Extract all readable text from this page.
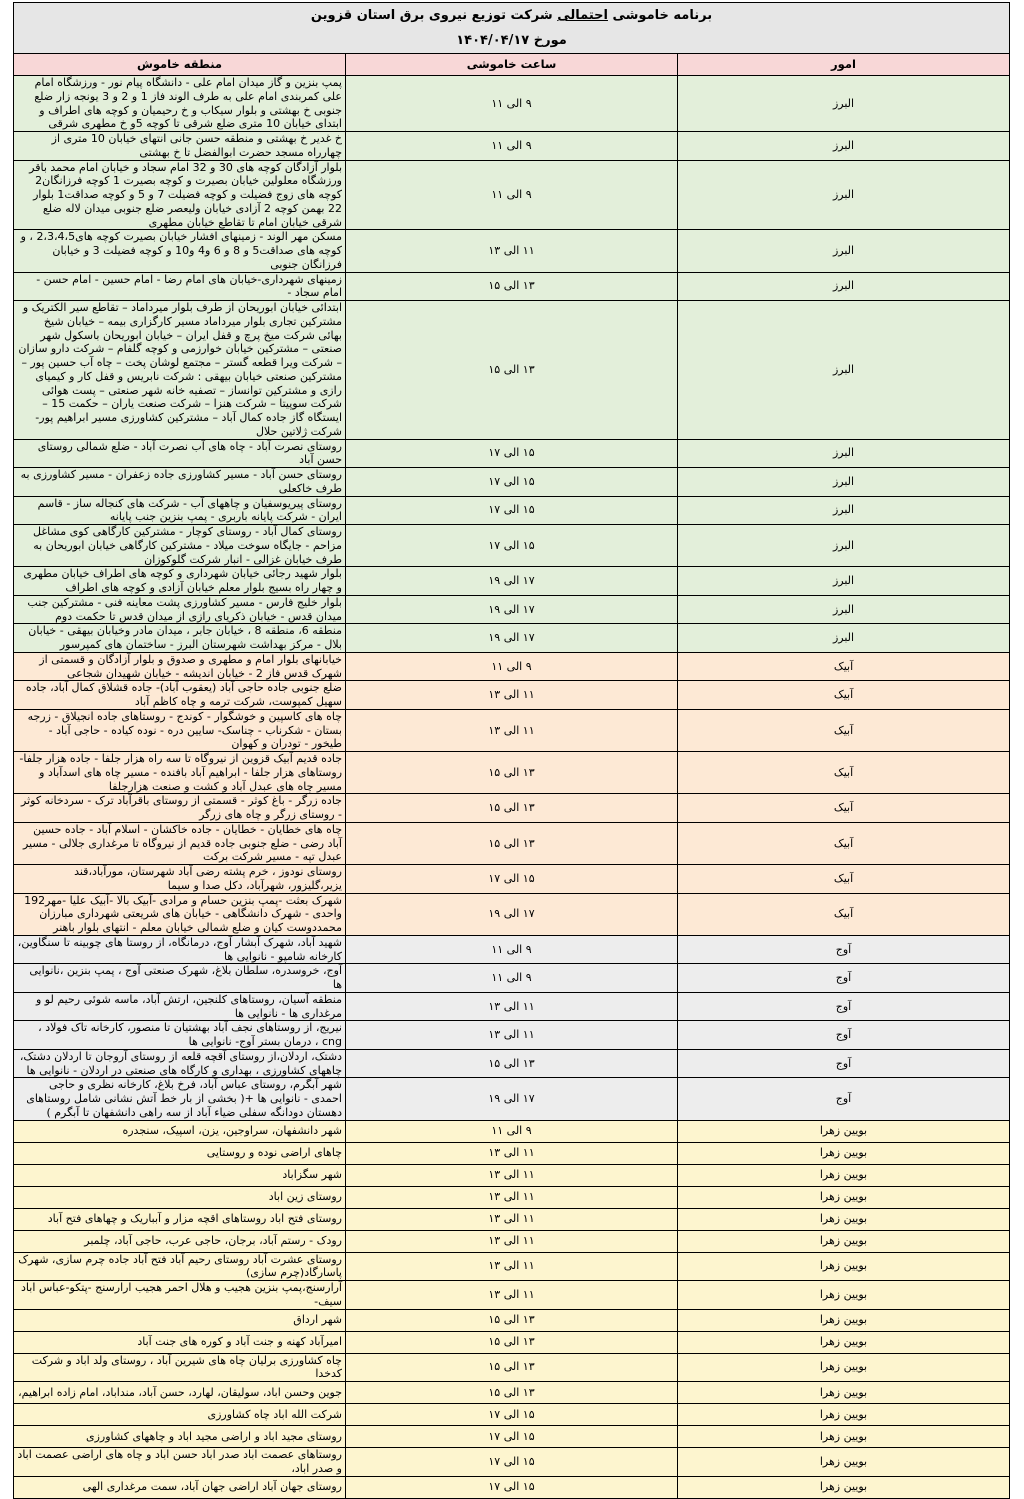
برنامه خاموشی احتمالی شرکت توزیع نیروی برق استان قزوین
مورخ ۱۴۰۴/۰۴/۱۷
امور	ساعت خاموشی	منطقه خاموش
البرز	۹ الی ۱۱	پمپ بنزین و گاز میدان امام علی - دانشگاه پیام نور - ورزشگاه امام علی کمربندی امام علی به طرف الوند فاز 1 و 2 و 3 یونجه زار ضلع جنوبی خ بهشتی و بلوار سیکاب و خ رحیمیان و کوچه های اطراف و ابتدای خیابان 10 متری ضلع شرقی تا کوچه 5و خ مطهری شرقی
البرز	۹ الی ۱۱	خ غدیر خ بهشتی و منطقه حسن جانی انتهای خیابان 10 متری از چهارراه مسجد حضرت ابوالفضل تا خ بهشتی
البرز	۹ الی ۱۱	بلوار آزادگان کوچه های 30 و 32 امام سجاد و خیابان امام محمد باقر ورزشگاه معلولین خیابان بصیرت و کوچه بصیرت 1 کوچه فرزانگان2 کوچه های زوج فضیلت و کوچه فضیلت 7 و 5 و کوچه صداقت1 بلوار 22 بهمن کوچه 2 آزادی خیابان ولیعصر ضلع جنوبی میدان لاله ضلع شرقی خیابان امام تا تقاطع خیابان مطهری
البرز	۱۱ الی ۱۳	مسکن مهر الوند - زمینهای افشار خیابان بصیرت کوچه های2،3،4،5 ، و کوچه های صداقت5 و 8 و 6 و4 و10 و کوچه فضیلت 3 و خیابان فرزانگان جنوبی
البرز	۱۳ الی ۱۵	زمینهای شهرداری-خیابان های امام رضا - امام حسین - امام حسن - امام سجاد -
البرز	۱۳ الی ۱۵	ابتدائی خیابان ابوریحان از طرف بلوار میرداماد – تقاطع سیر الکتریک و مشترکین تجاری بلوار میرداماد مسیر کارگزاری بیمه – خیابان شیخ بهائی شرکت میخ پرچ و قفل ایران – خیابان ابوریحان باسکول شهر صنعتی – مشترکین خیابان خوارزمی و کوچه گلفام – شرکت دارو سازان – شرکت ویرا قطعه گستر – مجتمع لوشان پخت – چاه آب حسین پور – مشترکین صنعتی خیابان بیهقی : شرکت نابریس و قفل کار و کیمیای رازی و مشترکین توانساز – تصفیه خانه شهر صنعتی – پست هوائی شرکت سوپیتا – شرکت هنزا – شرکت صنعت یاران – حکمت 15 – ایستگاه گاز جاده کمال آباد – مشترکین کشاورزی مسیر ابراهیم پور- شرکت ژلاتین حلال
البرز	۱۵ الی ۱۷	روستای نصرت آباد - چاه های آب نصرت آباد - ضلع شمالی روستای حسن آباد
البرز	۱۵ الی ۱۷	روستای حسن آباد - مسیر کشاورزی جاده زعفران - مسیر کشاورزی به طرف خاکعلی
البرز	۱۵ الی ۱۷	روستای پیریوسفیان و چاههای آب - شرکت های کنجاله ساز - قاسم ایران - شرکت پایانه باربری - پمپ بنزین جنب پایانه
البرز	۱۵ الی ۱۷	روستای کمال آباد - روستای کوچار - مشترکین کارگاهی کوی مشاغل مزاحم - جایگاه سوخت میلاد - مشترکین کارگاهی خیابان ابوریحان به طرف خیابان غزالی - انبار شرکت گلوکوزان
البرز	۱۷ الی ۱۹	بلوار شهید رجائی خیابان شهرداری و کوچه های اطراف خیابان مطهری و چهار راه بسیج بلوار معلم خیابان آزادی و کوچه های اطراف
البرز	۱۷ الی ۱۹	بلوار خلیج فارس - مسیر کشاورزی پشت معاینه فنی - مشترکین جنب میدان قدس - خیابان ذکریای رازی از میدان قدس تا حکمت دوم
البرز	۱۷ الی ۱۹	منطقه 6، منطقه 8 ، خیابان جابر ، میدان مادر وخیابان بیهقی - خیابان بلال - مرکز بهداشت شهرستان البرز - ساختمان های کمپرسور
آبیک	۹ الی ۱۱	خیابانهای بلوار امام و مطهری و صدوق و بلوار آزادگان و قسمتی از شهرک قدس فاز 2 - خیابان اندیشه - خیابان شهیدان شجاعی
آبیک	۱۱ الی ۱۳	ضلع جنوبی جاده حاجی آباد (یعقوب آباد)- جاده قشلاق کمال آباد، جاده سهیل کمپوست، شرکت ترمه و چاه کاظم آباد
آبیک	۱۱ الی ۱۳	چاه های کاسپین و خوشگوار - کوندج - روستاهای جاده انجیلاق - زرجه بستان - شکرناب - چناسک- سایین دره - نوده کیاده - حاجی آباد - طیخور - تودران و کهوان
آبیک	۱۳ الی ۱۵	جاده قدیم آبیک قزوین از نیروگاه تا سه راه هزار جلفا - جاده هزار جلفا- روستاهای هزار جلفا - ابراهیم آباد بافنده - مسیر چاه های اسدآباد و مسیر چاه های عبدل آباد و کشت و صنعت هزارجلفا
آبیک	۱۳ الی ۱۵	جاده زرگر - باغ کوثر - قسمتی از روستای باقرآباد ترک - سردخانه کوثر - روستای زرگر و چاه های زرگر
آبیک	۱۳ الی ۱۵	چاه های خطایان - خطایان - جاده خاکشان - اسلام آباد - جاده حسین آباد رضی - ضلع جنوبی جاده قدیم از نیروگاه تا مرغداری جلالی - مسیر عبدل تپه - مسیر شرکت برکت
آبیک	۱۵ الی ۱۷	روستای نودوز ، خرم پشته رضی آباد شهرستان، مورآباد،قند یزیر،گلیزور، شهرآباد، دکل صدا و سیما
آبیک	۱۷ الی ۱۹	شهرک بعثت -پمپ بنزین حسام و مرادی -آبیک بالا -آبیک علیا -مهر192 واحدی - شهرک دانشگاهی - خیابان های شریعتی شهرداری مبارزان محمددوست کیان و ضلع شمالی خیابان معلم - انتهای بلوار باهنر
آوج	۹ الی ۱۱	شهید آباد، شهرک آبشار آوج، درمانگاه، از روستا های چوبینه تا سنگاوین، کارخانه شامپو - نانوایی ها
آوج	۹ الی ۱۱	آوج، خروسدره، سلطان بلاغ، شهرک صنعتی آوج ، پمپ بنزین ،نانوایی ها
آوج	۱۱ الی ۱۳	منطقه آسیان، روستاهای کلنجین، ارتش آباد، ماسه شوئی رحیم لو و مرغداری ها - نانوایی ها
آوج	۱۱ الی ۱۳	نیریج، از روستاهای نجف آباد بهشتیان تا منصور، کارخانه تاک فولاد ، cng ، درمان بستر آوج- نانوایی ها
آوج	۱۳ الی ۱۵	دشتک، اردلان،از روستای آقچه قلعه از روستای آروجان تا اردلان دشتک، چاههای کشاورزی ، بهداری و کارگاه های صنعتی در اردلان - نانوایی ها
آوج	۱۷ الی ۱۹	شهر آبگرم، روستای عباس آباد، فرخ بلاغ، کارخانه نظری و حاجی احمدی - نانوایی ها +( بخشی از بار خط آتش نشانی شامل روستاهای دهستان دودانگه سفلی ضیاء آباد از سه راهی دانشفهان تا آبگرم )
بویین زهرا	۹ الی ۱۱	شهر دانشفهان، سراوجین، یزن، اسپیک، سنجدره
بویین زهرا	۱۱ الی ۱۳	چاهای اراضی نوده و روستایی
بویین زهرا	۱۱ الی ۱۳	شهر سگزاباد
بویین زهرا	۱۱ الی ۱۳	روستای زین اباد
بویین زهرا	۱۱ الی ۱۳	روستای فتح اباد روستاهای اقچه مزار و آبباریک و چهاهای فتح آباد
بویین زهرا	۱۱ الی ۱۳	رودک - رستم آباد، برجان، حاجی عرب، حاجی آباد، چلمبر
بویین زهرا	۱۱ الی ۱۳	روستای عشرت آباد روستای رحیم آباد فتح آباد جاده چرم سازی، شهرک پاسارگاد(چرم سازی)
بویین زهرا	۱۱ الی ۱۳	آرارسنج،پمپ بنزین هجیب و هلال احمر هجیب ارارسنج -پتکو-عباس اباد سیف-
بویین زهرا	۱۳ الی ۱۵	شهر ارداق
بویین زهرا	۱۳ الی ۱۵	امیرآباد کهنه و جنت آباد و کوره های جنت آباد
بویین زهرا	۱۳ الی ۱۵	چاه کشاورزی برلیان چاه های شیرین آباد ، روستای ولد اباد و شرکت کدخدا
بویین زهرا	۱۳ الی ۱۵	جوین وحسن اباد، سولیقان، لهارد، حسن آباد، منداباد، امام زاده ابراهیم،
بویین زهرا	۱۵ الی ۱۷	شرکت الله اباد چاه کشاورزی
بویین زهرا	۱۵ الی ۱۷	روستای مجید اباد و اراضی مجید اباد و چاههای کشاورزی
بویین زهرا	۱۵ الی ۱۷	روستاهای عصمت اباد صدر اباد حسن اباد و چاه های اراضی عصمت اباد و صدر اباد،
بویین زهرا	۱۵ الی ۱۷	روستای جهان آباد اراضی جهان آباد، سمت مرغداری الهی
